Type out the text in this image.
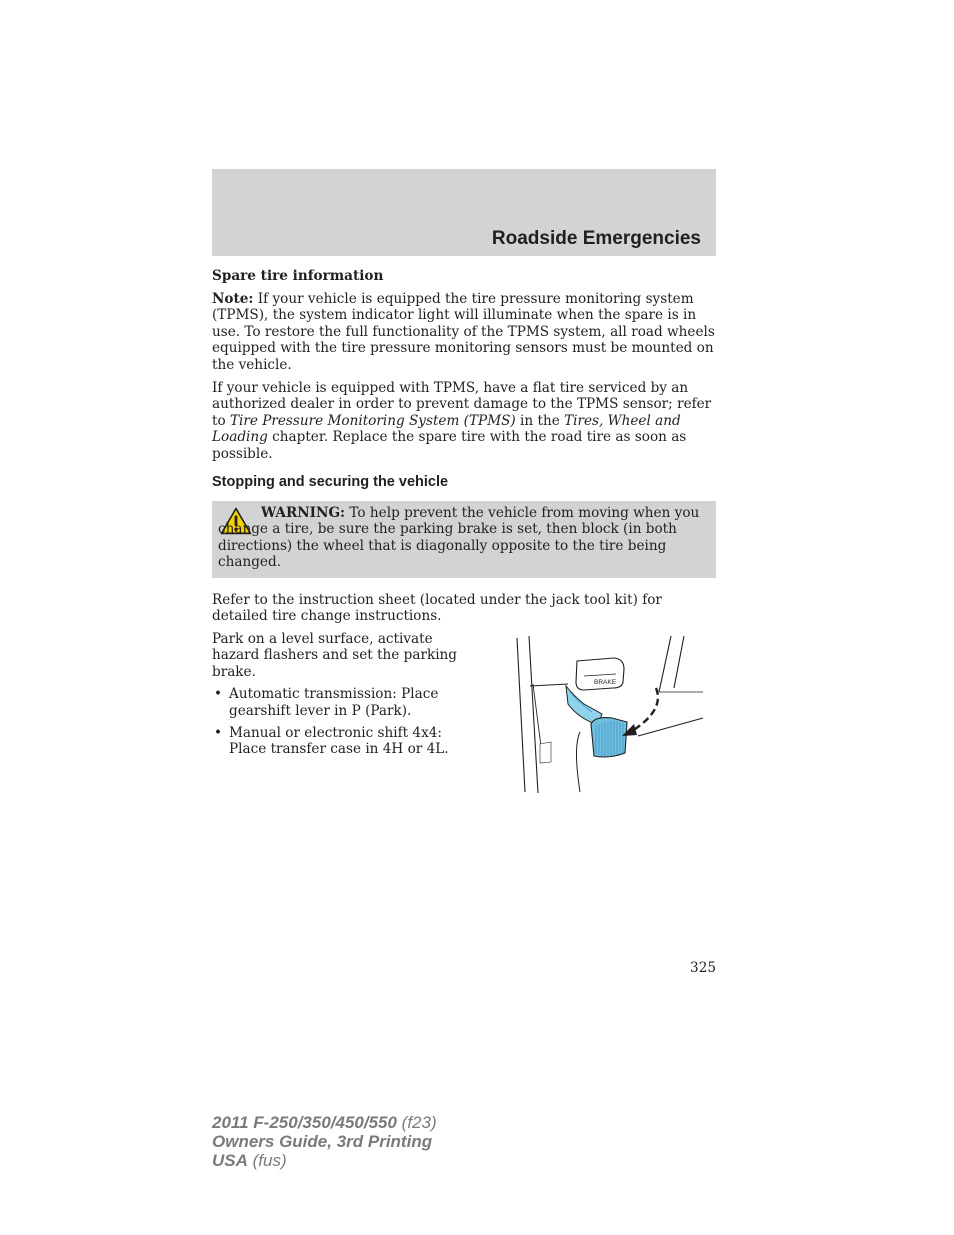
Roadside Emergencies
Spare tire information

Note: If your vehicle is equipped the tire pressure monitoring system (TPMS), the system indicator light will illuminate when the spare is in use. To restore the full functionality of the TPMS system, all road wheels equipped with the tire pressure monitoring sensors must be mounted on the vehicle.

If your vehicle is equipped with TPMS, have a flat tire serviced by an authorized dealer in order to prevent damage to the TPMS sensor; refer to Tire Pressure Monitoring System (TPMS) in the Tires, Wheel and Loading chapter. Replace the spare tire with the road tire as soon as possible.

Stopping and securing the vehicle
WARNING: To help prevent the vehicle from moving when you change a tire, be sure the parking brake is set, then block (in both directions) the wheel that is diagonally opposite to the tire being changed.
Refer to the instruction sheet (located under the jack tool kit) for detailed tire change instructions.

Park on a level surface, activate hazard flashers and set the parking brake.

• Automatic transmission: Place gearshift lever in P (Park).
• Manual or electronic shift 4x4: Place transfer case in 4H or 4L.
BRAKE
325
2011 F-250/350/450/550 (f23)
Owners Guide, 3rd Printing
USA (fus)
